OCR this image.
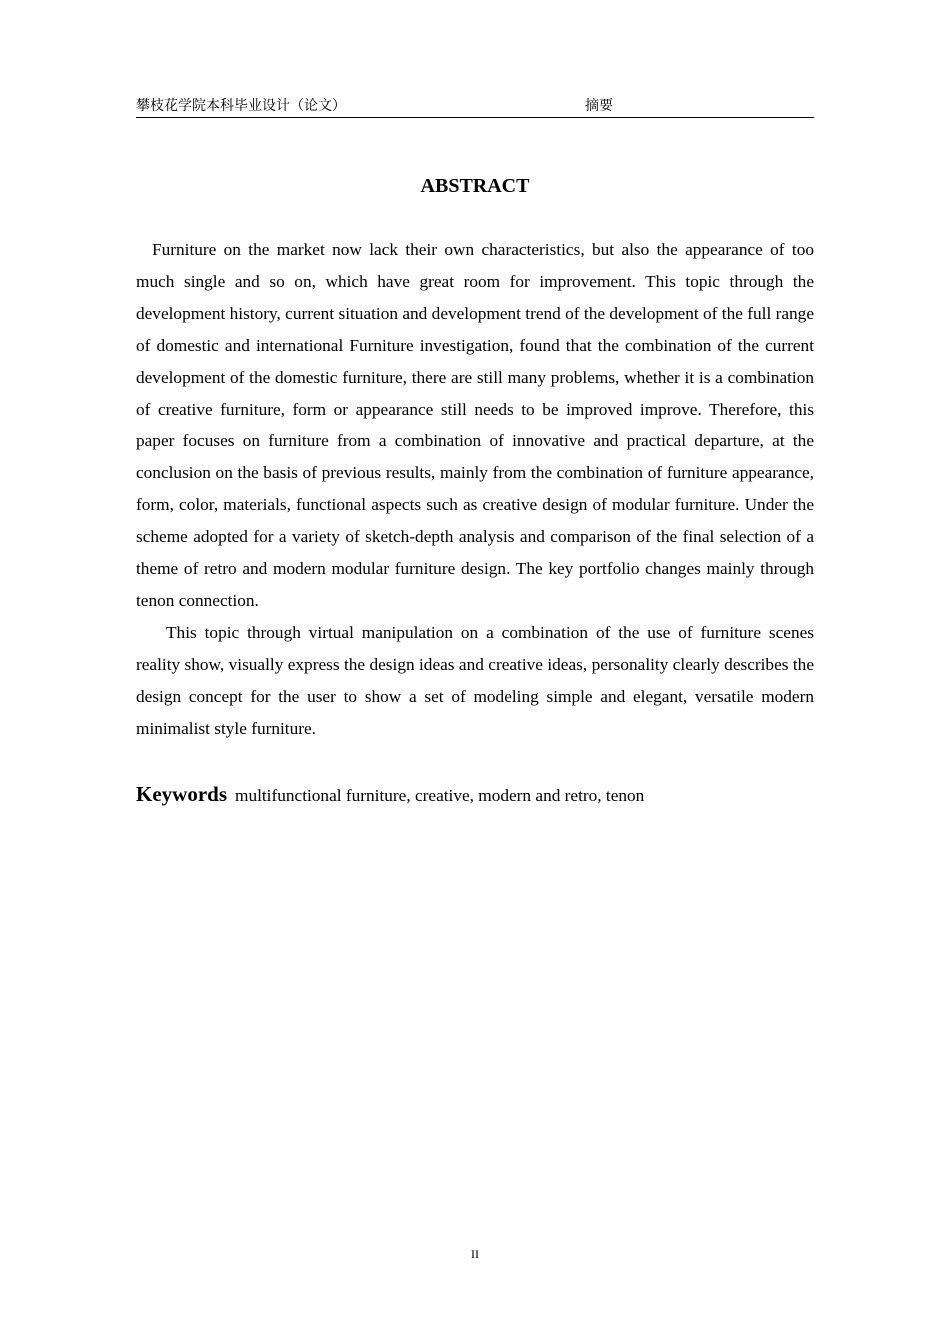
攀枝花学院本科毕业设计（论文）	摘要
ABSTRACT

Furniture on the market now lack their own characteristics, but also the appearance of too much single and so on, which have great room for improvement. This topic through the development history, current situation and development trend of the development of the full range of domestic and international Furniture investigation, found that the combination of the current development of the domestic furniture, there are still many problems, whether it is a combination of creative furniture, form or appearance still needs to be improved improve. Therefore, this paper focuses on furniture from a combination of innovative and practical departure, at the conclusion on the basis of previous results, mainly from the combination of furniture appearance, form, color, materials, functional aspects such as creative design of modular furniture. Under the scheme adopted for a variety of sketch-depth analysis and comparison of the final selection of a theme of retro and modern modular furniture design. The key portfolio changes mainly through tenon connection.

This topic through virtual manipulation on a combination of the use of furniture scenes reality show, visually express the design ideas and creative ideas, personality clearly describes the design concept for the user to show a set of modeling simple and elegant, versatile modern minimalist style furniture.

Keywords multifunctional furniture, creative, modern and retro, tenon
II
